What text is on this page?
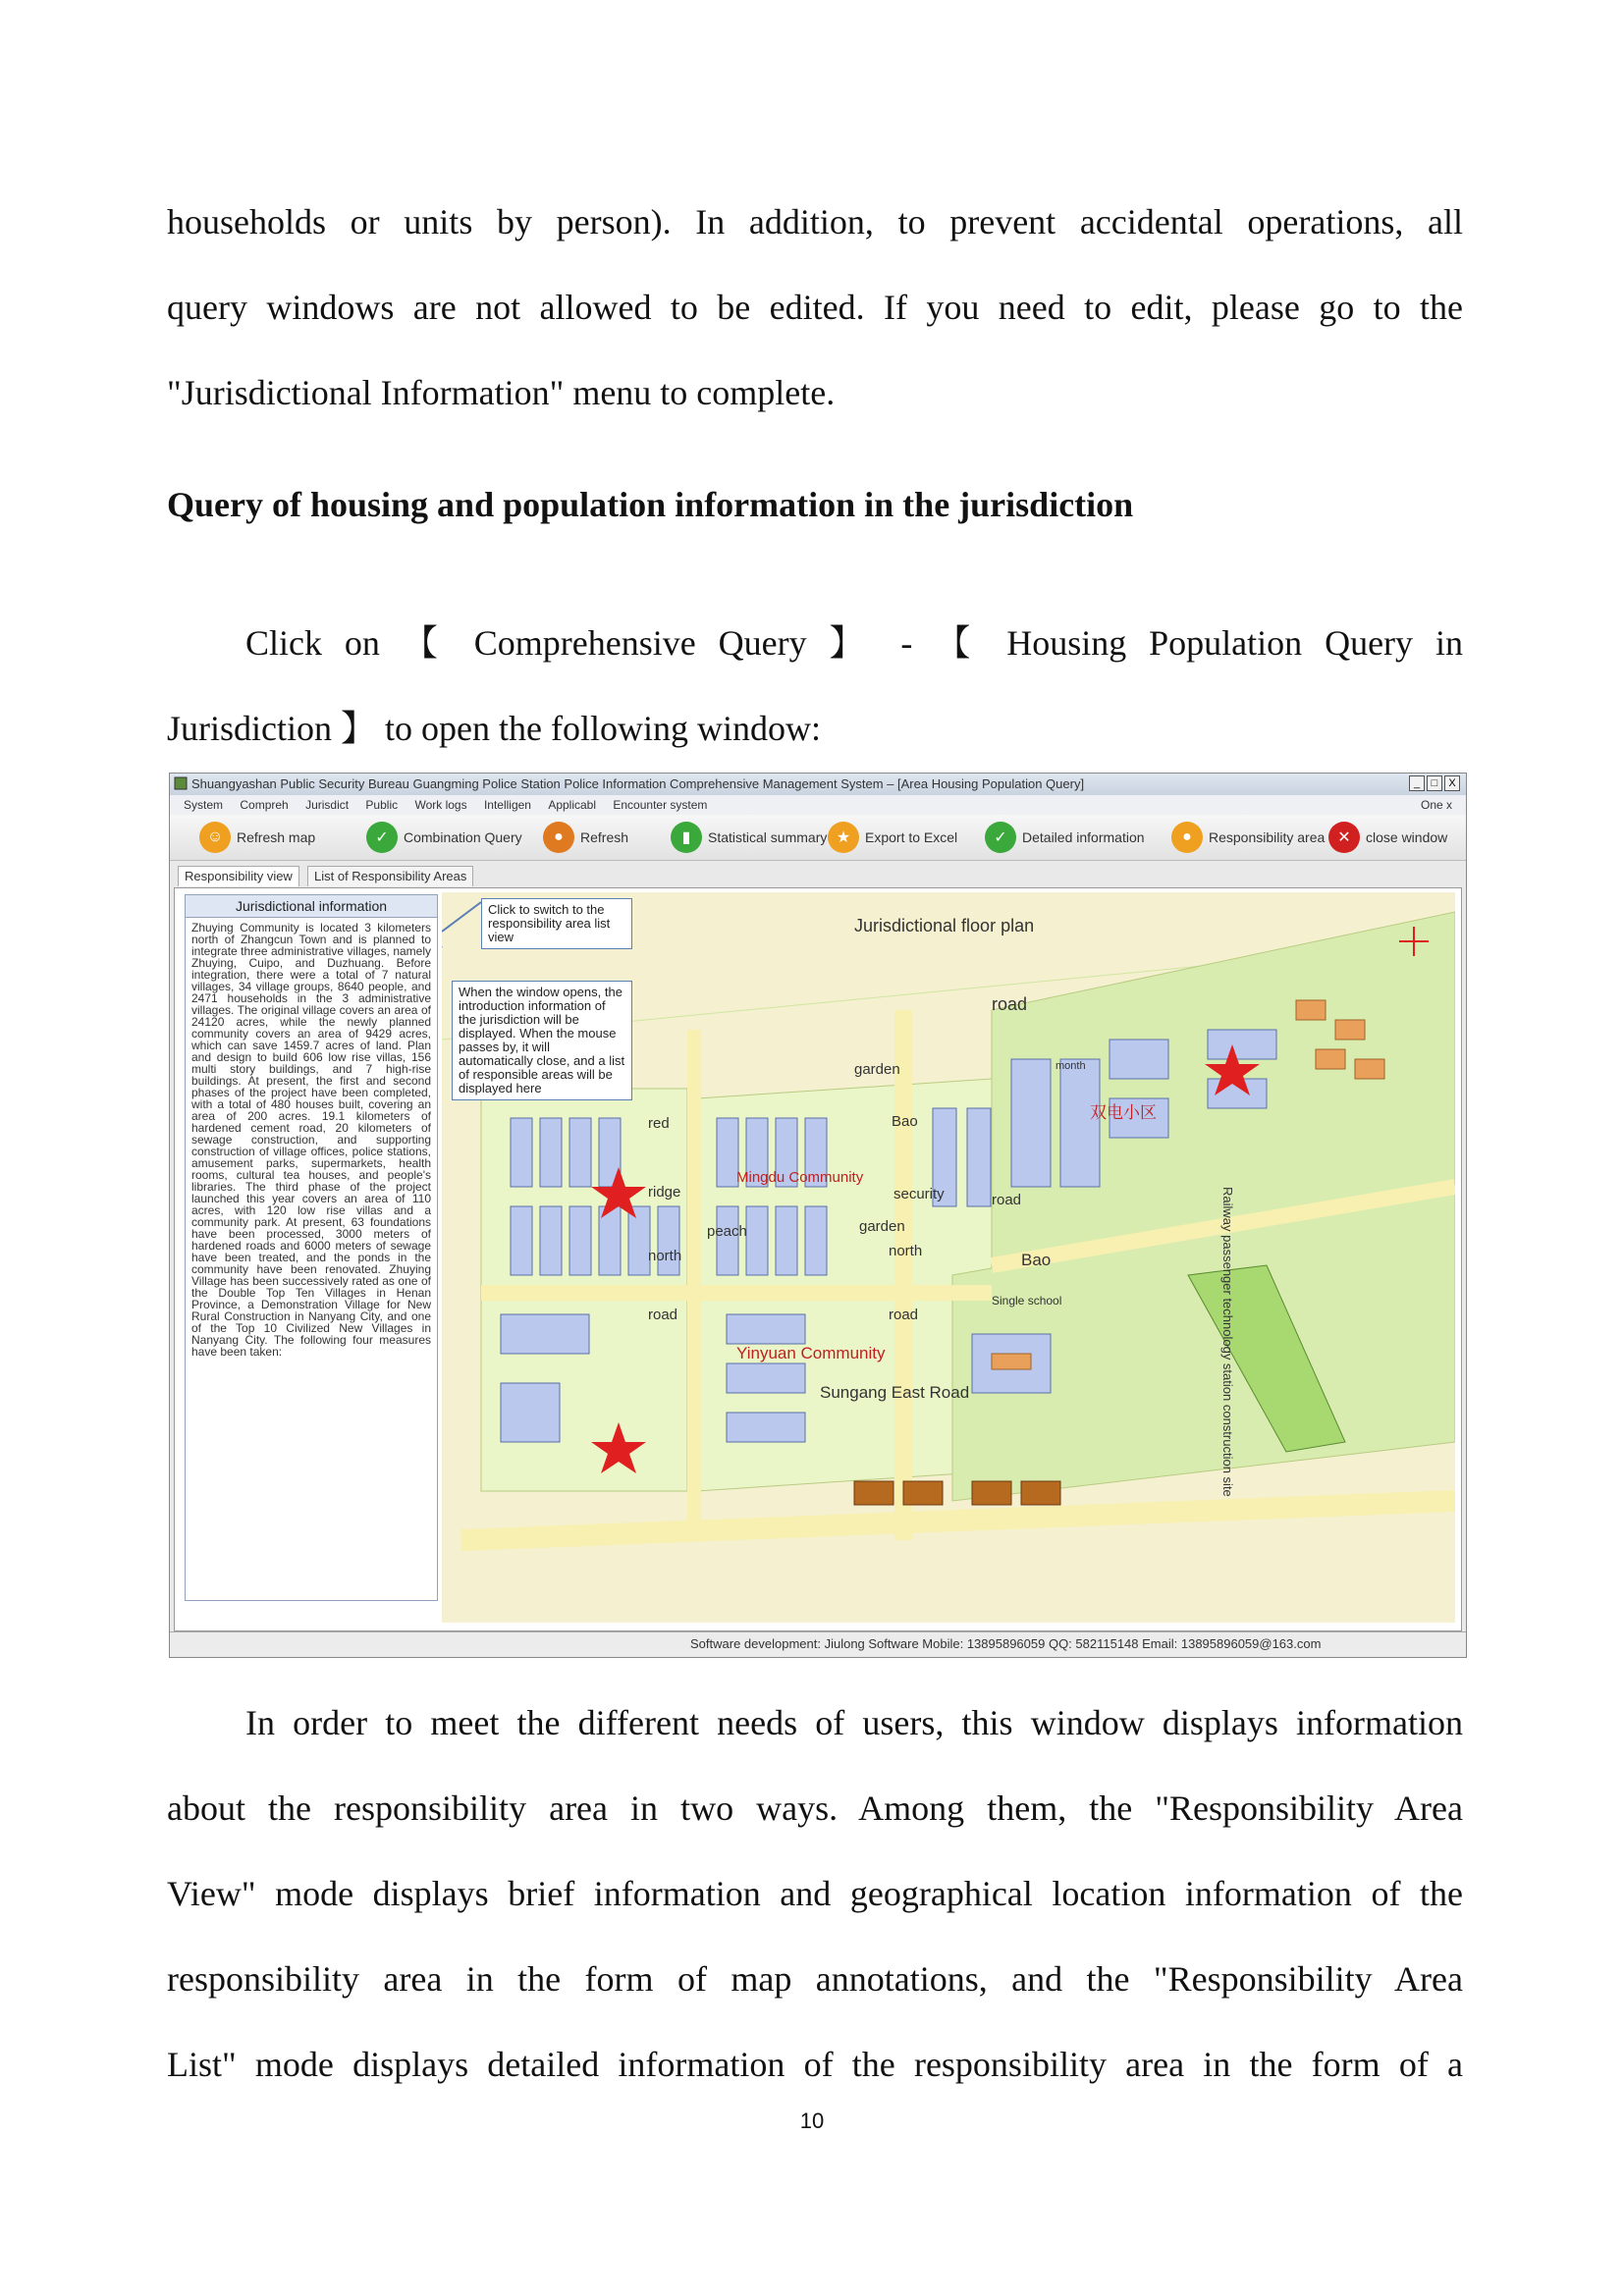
households or units by person). In addition, to prevent accidental operations, all
query windows are not allowed to be edited. If you need to edit, please go to the
"Jurisdictional Information" menu to complete.

Query of housing and population information in the jurisdiction

Click on 【 Comprehensive Query 】 - 【 Housing Population Query in
Jurisdiction 】 to open the following window:

Shuangyashan Public Security Bureau Guangming Police Station Police Information Comprehensive Management System – [Area Housing Population Query]	_	□	X
System Compreh Jurisdict Public Work logs Intelligen Applicabl Encounter system	One x
☺ Refresh map	✓	Combination Query	●	Refresh	▮	Statistical summary ★	Export to Excel	✓	Detailed information	●	Responsibility area ✕	close window
Responsibility view	List of Responsibility Areas
Jurisdictional information
Zhuying Community is located 3 kilometers north of Zhangcun Town and is planned to integrate three administrative villages, namely Zhuying, Cuipo, and Duzhuang. Before integration, there were a total of 7 natural villages, 34 village groups, 8640 people, and 2471 households in the 3 administrative villages. The original village covers an area of 24120 acres, while the newly planned community covers an area of 9429 acres, which can save 1459.7 acres of land. Plan and design to build 606 low rise villas, 156 multi story buildings, and 7 high-rise buildings. At present, the first and second phases of the project have been completed, with a total of 480 houses built, covering an area of 200 acres. 19.1 kilometers of hardened cement road, 20 kilometers of sewage construction, and supporting construction of village offices, police stations, amusement parks, supermarkets, health rooms, cultural tea houses, and people's libraries. The third phase of the project launched this year covers an area of 110 acres, with 120 low rise villas and a community park. At present, 63 foundations have been processed, 3000 meters of hardened roads and 6000 meters of sewage have been treated, and the ponds in the community have been renovated. Zhuying Village has been successively rated as one of the Double Top Ten Villages in Henan Province, a Demonstration Village for New Rural Construction in Nanyang City, and one of the Top 10 Civilized New Villages in Nanyang City. The following four measures have been taken:
Jurisdictional floor plan
road
garden
Bao
red
ridge	security	road
peach	garden
north	north	Bao
road	road
Single school
month
Sungang East Road	Railway passenger technology station construction site
Mingdu Community
Yinyuan Community
双电小区
Click to switch to the responsibility area list view
When the window opens, the introduction information of the jurisdiction will be displayed. When the mouse passes by, it will automatically close, and a list of responsible areas will be displayed here
Software development: Jiulong Software Mobile: 13895896059 QQ: 582115148 Email: 13895896059@163.com

In order to meet the different needs of users, this window displays information
about the responsibility area in two ways. Among them, the "Responsibility Area
View" mode displays brief information and geographical location information of the
responsibility area in the form of map annotations, and the "Responsibility Area
List" mode displays detailed information of the responsibility area in the form of a

10
